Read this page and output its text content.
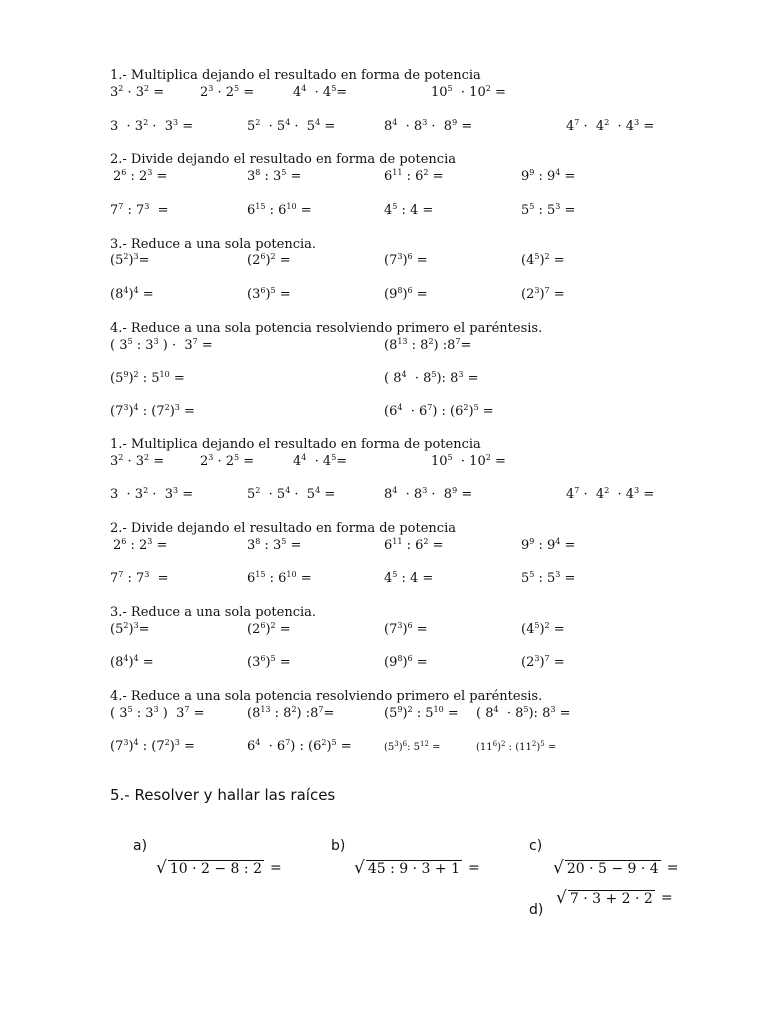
1.- Multiplica dejando el resultado en forma de potencia
$3^2 \cdot 3^2$ =	$2^3 \cdot 2^5$ =	$4^4 \cdot 4^5=$	$10^5 \cdot 10^2$ =
$3 \cdot 3^2 \cdot 3^3$ =	$5^2 \cdot 5^4 \cdot 5^4$ =	$8^4 \cdot 8^3 \cdot 8^9$ =	$4^7 \cdot 4^2 \cdot 4^3$ =
2.- Divide dejando el resultado en forma de potencia
$2^6$ : $2^3$ =	$3^8$ : $3^5$ =	$6^{11}$ : $6^2$ =	$9^9$ : $9^4$ =
$7^7$ : $7^3$  =	$6^{15}$ : $6^{10}$ =	$4^5$ : 4 =	$5^5$ : $5^3$ =
3.- Reduce a una sola potencia.
$(5^2)^3=$	$(2^6)^2$ =	$(7^3)^6$ =	$(4^5)^2$ =
$(8^4)^4$ =	$(3^6)^5$ =	$(9^8)^6$ =	$(2^3)^7$ =
4.- Reduce a una sola potencia resolviendo primero el paréntesis.
( $3^5$ : $3^3$ ) ·  $3^7$ =	($8^{13}$ : $8^2$) $:8^7=$
$(5^9)^2$ : $5^{10}$ =	( $8^4 \cdot 8^5$): $8^3$ =
$(7^3)^4$ : $(7^2)^3$ =	$(6^4 \cdot 6^7)$ : $(6^2)^5$ =
1.- Multiplica dejando el resultado en forma de potencia
$3^2 \cdot 3^2$ =	$2^3 \cdot 2^5$ =	$4^4 \cdot 4^5=$	$10^5 \cdot 10^2$ =
$3 \cdot 3^2 \cdot 3^3$ =	$5^2 \cdot 5^4 \cdot 5^4$ =	$8^4 \cdot 8^3 \cdot 8^9$ =	$4^7 \cdot 4^2 \cdot 4^3$ =
2.- Divide dejando el resultado en forma de potencia
$2^6$ : $2^3$ =	$3^8$ : $3^5$ =	$6^{11}$ : $6^2$ =	$9^9$ : $9^4$ =
$7^7$ : $7^3$  =	$6^{15}$ : $6^{10}$ =	$4^5$ : 4 =	$5^5$ : $5^3$ =
3.- Reduce a una sola potencia.
$(5^2)^3=$	$(2^6)^2$ =	$(7^3)^6$ =	$(4^5)^2$ =
$(8^4)^4$ =	$(3^6)^5$ =	$(9^8)^6$ =	$(2^3)^7$ =
4.- Reduce a una sola potencia resolviendo primero el paréntesis.
( $3^5$ : $3^3$ )  $3^7$ =	($8^{13}$ : $8^2$) $:8^7=$	$(5^9)^2$ : $5^{10}$ = ( $8^4 \cdot 8^5$): $8^3$ =
$(7^3)^4$ : $(7^2)^3$ =	$6^4 \cdot 6^7$) : $(6^2)^5$ =	$(5^3)^6$: $5^{12}$ =	$(11^6)^2$ : $(11^2)^5$ =
5.- Resolver y hallar las raíces
a)
√ 10 · 2 − 8 : 2 =
b)
√ 45 : 9 · 3 + 1 =
c)
√ 20 · 5 − 9 · 4 =
d)
√ 7 · 3 + 2 · 2 =
